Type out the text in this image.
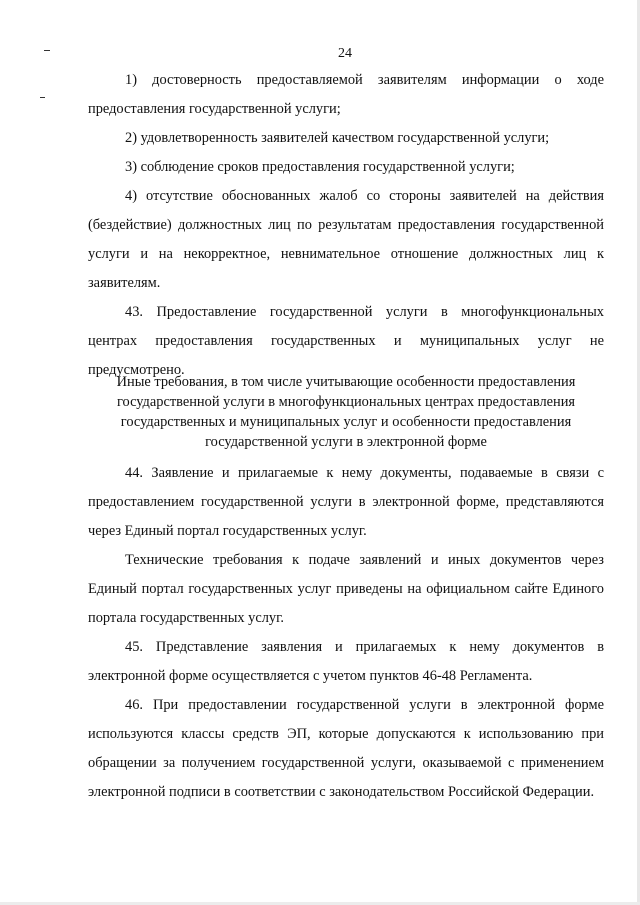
24

1) достоверность предоставляемой заявителям информации о ходе предоставления государственной услуги;

2) удовлетворенность заявителей качеством государственной услуги;

3) соблюдение сроков предоставления государственной услуги;

4) отсутствие обоснованных жалоб со стороны заявителей на действия (бездействие) должностных лиц по результатам предоставления государственной услуги и на некорректное, невнимательное отношение должностных лиц к заявителям.

43. Предоставление государственной услуги в многофункциональных центрах предоставления государственных и муниципальных услуг не предусмотрено.

Иные требования, в том числе учитывающие особенности предоставления государственной услуги в многофункциональных центрах предоставления государственных и муниципальных услуг и особенности предоставления государственной услуги в электронной форме

44. Заявление и прилагаемые к нему документы, подаваемые в связи с предоставлением государственной услуги в электронной форме, представляются через Единый портал государственных услуг.

Технические требования к подаче заявлений и иных документов через Единый портал государственных услуг приведены на официальном сайте Единого портала государственных услуг.

45. Представление заявления и прилагаемых к нему документов в электронной форме осуществляется с учетом пунктов 46-48 Регламента.

46. При предоставлении государственной услуги в электронной форме используются классы средств ЭП, которые допускаются к использованию при обращении за получением государственной услуги, оказываемой с применением электронной подписи в соответствии с законодательством Российской Федерации.
